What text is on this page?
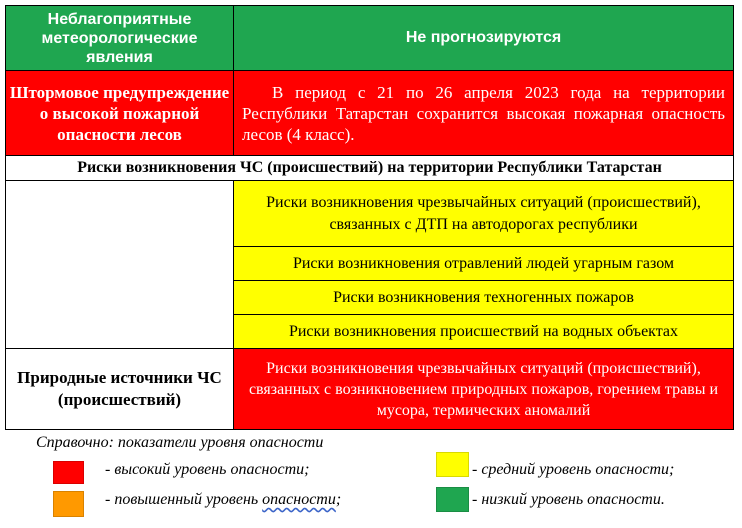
Неблагоприятные метеорологические явления
Не прогнозируются
Штормовое предупреждение о высокой пожарной опасности лесов
В период с 21 по 26 апреля 2023 года на территории Республики Татарстан сохранится высокая пожарная опасность лесов (4 класс).
Риски возникновения ЧС (происшествий) на территории Республики Татарстан
Риски возникновения чрезвычайных ситуаций (происшествий), связанных с ДТП на автодорогах республики
Риски возникновения отравлений людей угарным газом
Риски возникновения техногенных пожаров
Риски возникновения происшествий на водных объектах
Природные источники ЧС (происшествий)
Риски возникновения чрезвычайных ситуаций (происшествий), связанных с возникновением природных пожаров, горением травы и мусора, термических аномалий
Справочно: показатели уровня опасности
- высокий уровень опасности;	- средний уровень опасности;
- повышенный уровень опасности;	- низкий уровень опасности.
